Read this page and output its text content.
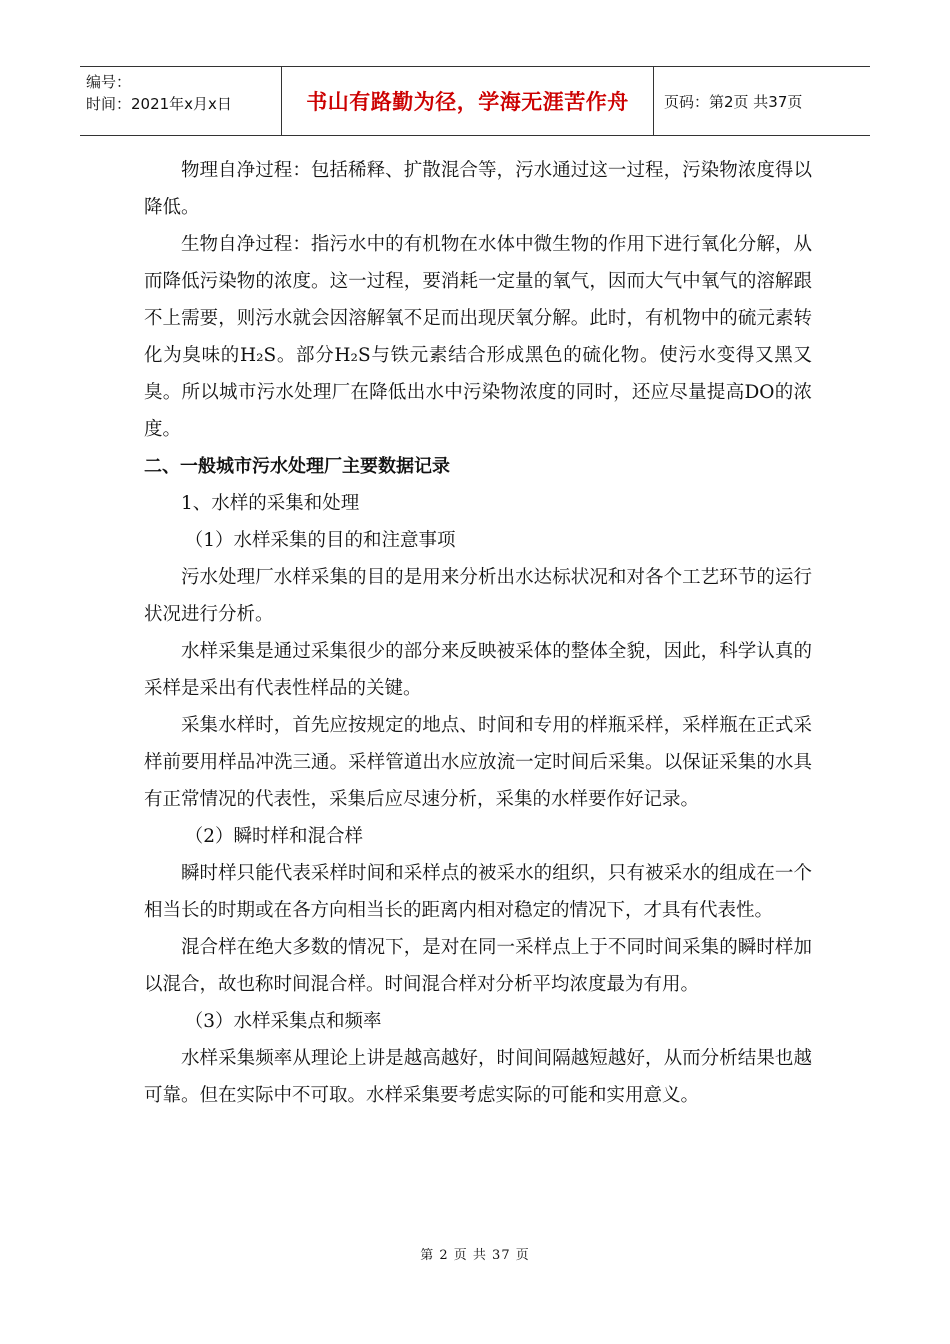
编号：
时间：2021年x月x日	书山有路勤为径，学海无涯苦作舟	页码：第2页 共37页

物理自净过程：包括稀释、扩散混合等，污水通过这一过程，污染物浓度得以降低。

生物自净过程：指污水中的有机物在水体中微生物的作用下进行氧化分解，从而降低污染物的浓度。这一过程，要消耗一定量的氧气，因而大气中氧气的溶解跟不上需要，则污水就会因溶解氧不足而出现厌氧分解。此时，有机物中的硫元素转化为臭味的H₂S。部分H₂S与铁元素结合形成黑色的硫化物。使污水变得又黑又臭。所以城市污水处理厂在降低出水中污染物浓度的同时，还应尽量提高DO的浓度。

二、一般城市污水处理厂主要数据记录

1、水样的采集和处理

（1）水样采集的目的和注意事项

污水处理厂水样采集的目的是用来分析出水达标状况和对各个工艺环节的运行状况进行分析。

水样采集是通过采集很少的部分来反映被采体的整体全貌，因此，科学认真的采样是采出有代表性样品的关键。

采集水样时，首先应按规定的地点、时间和专用的样瓶采样，采样瓶在正式采样前要用样品冲洗三通。采样管道出水应放流一定时间后采集。以保证采集的水具有正常情况的代表性，采集后应尽速分析，采集的水样要作好记录。

（2）瞬时样和混合样

瞬时样只能代表采样时间和采样点的被采水的组织，只有被采水的组成在一个相当长的时期或在各方向相当长的距离内相对稳定的情况下，才具有代表性。

混合样在绝大多数的情况下，是对在同一采样点上于不同时间采集的瞬时样加以混合，故也称时间混合样。时间混合样对分析平均浓度最为有用。

（3）水样采集点和频率

水样采集频率从理论上讲是越高越好，时间间隔越短越好，从而分析结果也越可靠。但在实际中不可取。水样采集要考虑实际的可能和实用意义。

第 2 页 共 37 页
